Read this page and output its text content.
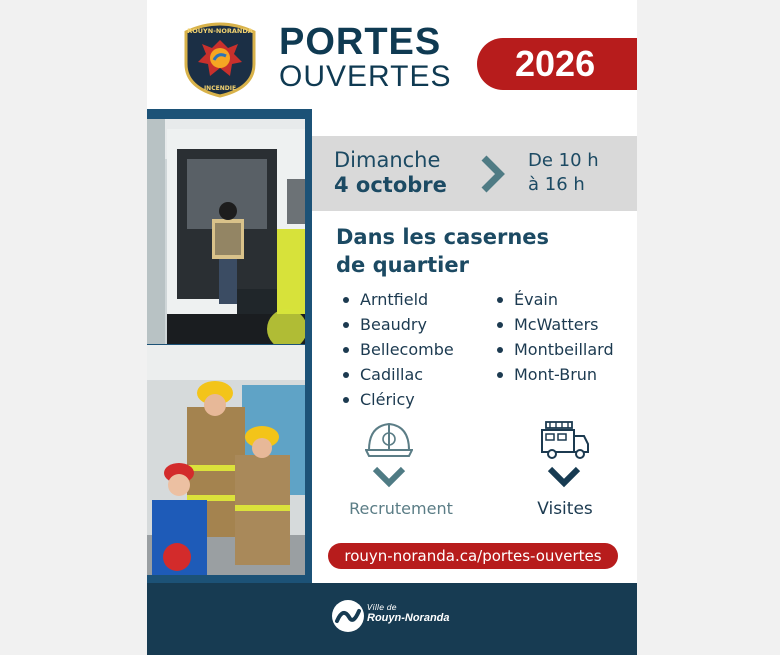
ROUYN-NORANDA
INCENDIE
PORTES
OUVERTES	2026
Dimanche
4 octobre
De 10 h
à 16 h
Dans les casernes
de quartier
Arntfield
Beaudry
Bellecombe
Cadillac
Cléricy
Évain
McWatters
Montbeillard
Mont-Brun
Recrutement	Visites
rouyn-noranda.ca/portes-ouvertes
Ville de
Rouyn-Noranda
